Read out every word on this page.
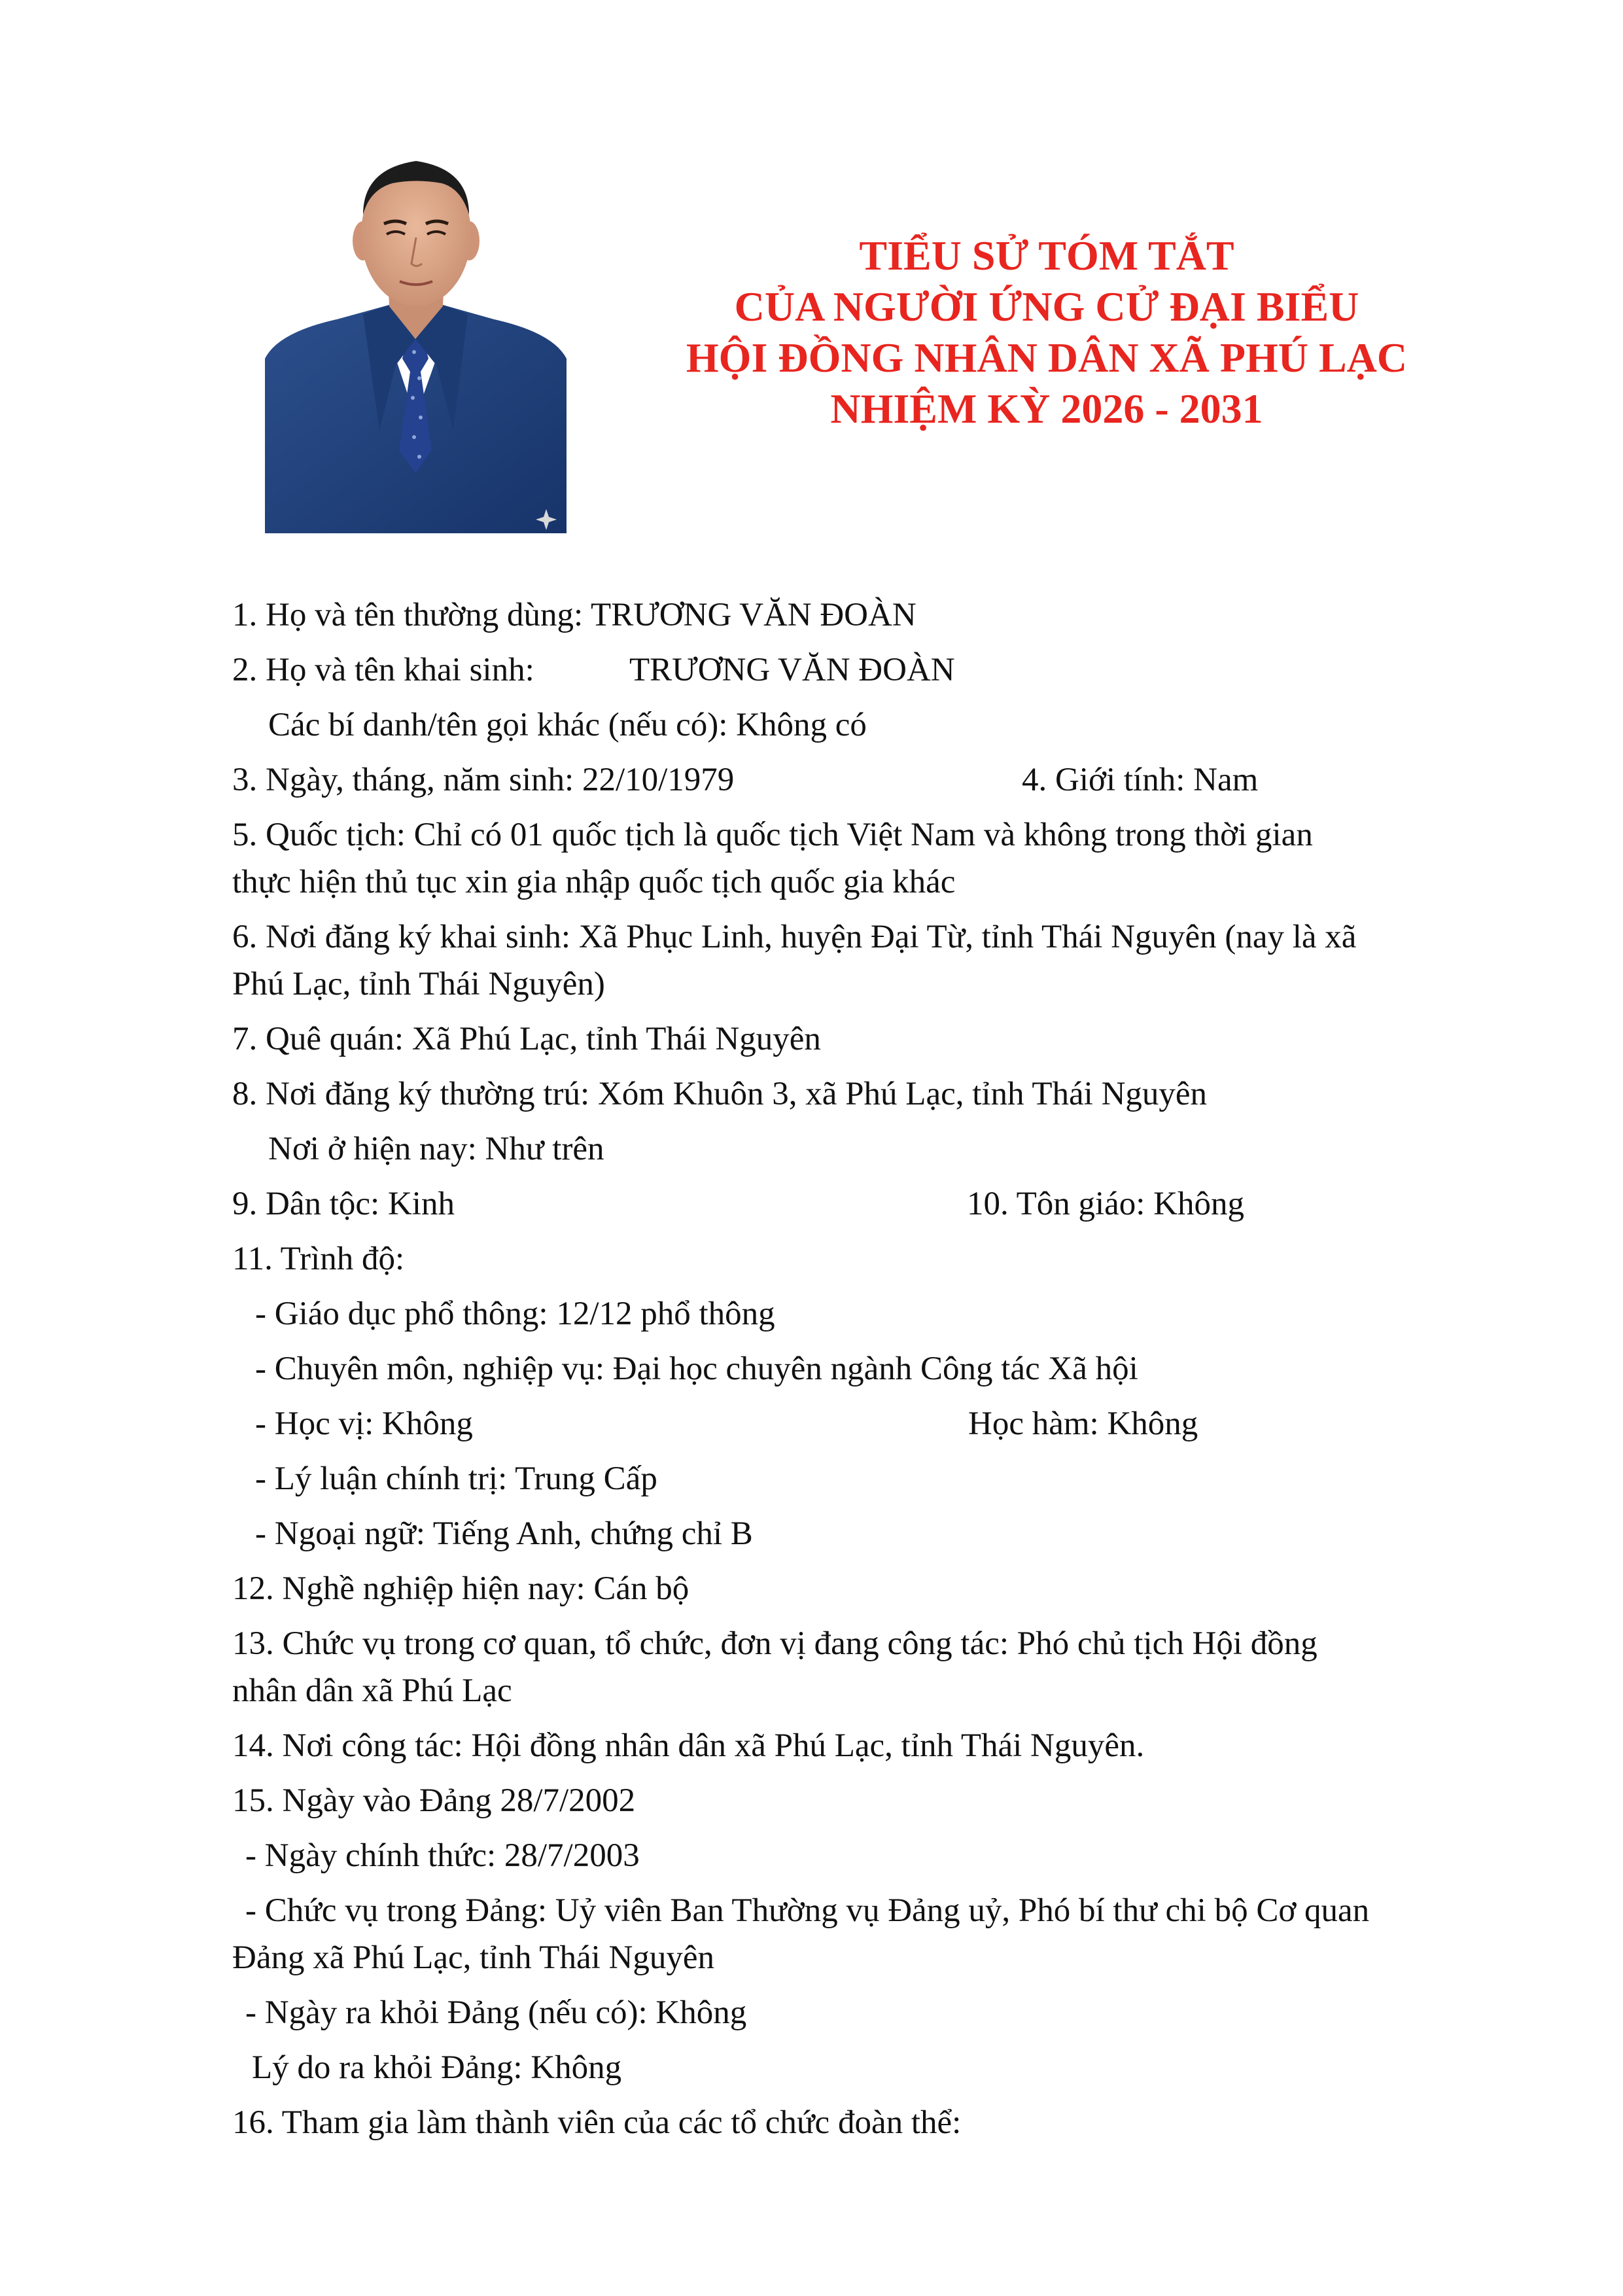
TIỂU SỬ TÓM TẮT
CỦA NGƯỜI ỨNG CỬ ĐẠI BIỂU
HỘI ĐỒNG NHÂN DÂN XÃ PHÚ LẠC
NHIỆM KỲ 2026 - 2031
1. Họ và tên thường dùng: TRƯƠNG VĂN ĐOÀN
2. Họ và tên khai sinh:	TRƯƠNG VĂN ĐOÀN
Các bí danh/tên gọi khác (nếu có): Không có
3. Ngày, tháng, năm sinh: 22/10/1979	4. Giới tính: Nam
5. Quốc tịch: Chỉ có 01 quốc tịch là quốc tịch Việt Nam và không trong thời gian
thực hiện thủ tục xin gia nhập quốc tịch quốc gia khác
6. Nơi đăng ký khai sinh: Xã Phục Linh, huyện Đại Từ, tỉnh Thái Nguyên (nay là xã
Phú Lạc, tỉnh Thái Nguyên)
7. Quê quán: Xã Phú Lạc, tỉnh Thái Nguyên
8. Nơi đăng ký thường trú: Xóm Khuôn 3, xã Phú Lạc, tỉnh Thái Nguyên
Nơi ở hiện nay: Như trên
9. Dân tộc: Kinh	10. Tôn giáo: Không
11. Trình độ:
- Giáo dục phổ thông: 12/12 phổ thông
- Chuyên môn, nghiệp vụ: Đại học chuyên ngành Công tác Xã hội
- Học vị: Không	Học hàm: Không
- Lý luận chính trị: Trung Cấp
- Ngoại ngữ: Tiếng Anh, chứng chỉ B
12. Nghề nghiệp hiện nay: Cán bộ
13. Chức vụ trong cơ quan, tổ chức, đơn vị đang công tác: Phó chủ tịch Hội đồng
nhân dân xã Phú Lạc
14. Nơi công tác: Hội đồng nhân dân xã Phú Lạc, tỉnh Thái Nguyên.
15. Ngày vào Đảng 28/7/2002
- Ngày chính thức: 28/7/2003
- Chức vụ trong Đảng: Uỷ viên Ban Thường vụ Đảng uỷ, Phó bí thư chi bộ Cơ quan
Đảng xã Phú Lạc, tỉnh Thái Nguyên
- Ngày ra khỏi Đảng (nếu có): Không
Lý do ra khỏi Đảng: Không
16. Tham gia làm thành viên của các tổ chức đoàn thể:
